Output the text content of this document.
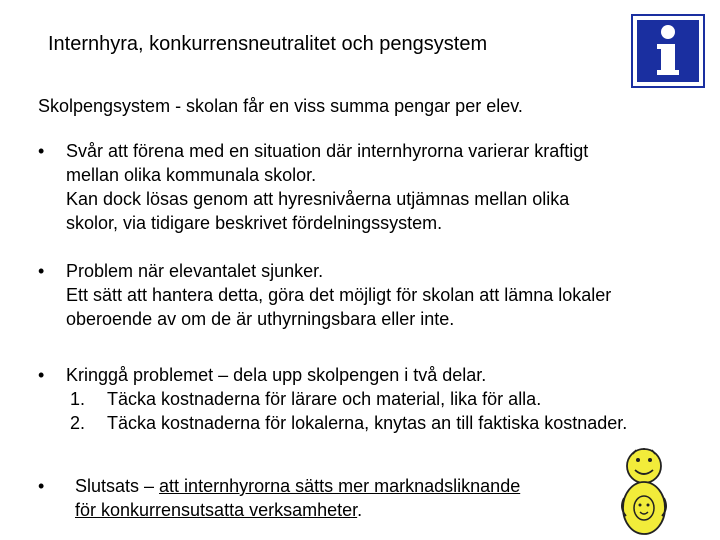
Internhyra, konkurrensneutralitet och pengsystem
Skolpengsystem - skolan får en viss summa pengar per elev.
• Svår att förena med en situation där internhyrorna varierar kraftigt
mellan olika kommunala skolor.
Kan dock lösas genom att hyresnivåerna utjämnas mellan olika
skolor, via tidigare beskrivet fördelningssystem.
• Problem när elevantalet sjunker.
Ett sätt att hantera detta, göra det möjligt för skolan att lämna lokaler
oberoende av om de är uthyrningsbara eller inte.
• Kringgå problemet – dela upp skolpengen i två delar.
1. Täcka kostnaderna för lärare och material, lika för alla.
2. Täcka kostnaderna för lokalerna, knytas an till faktiska kostnader.
• Slutsats – att internhyrorna sätts mer marknadsliknande
för konkurrensutsatta verksamheter.
